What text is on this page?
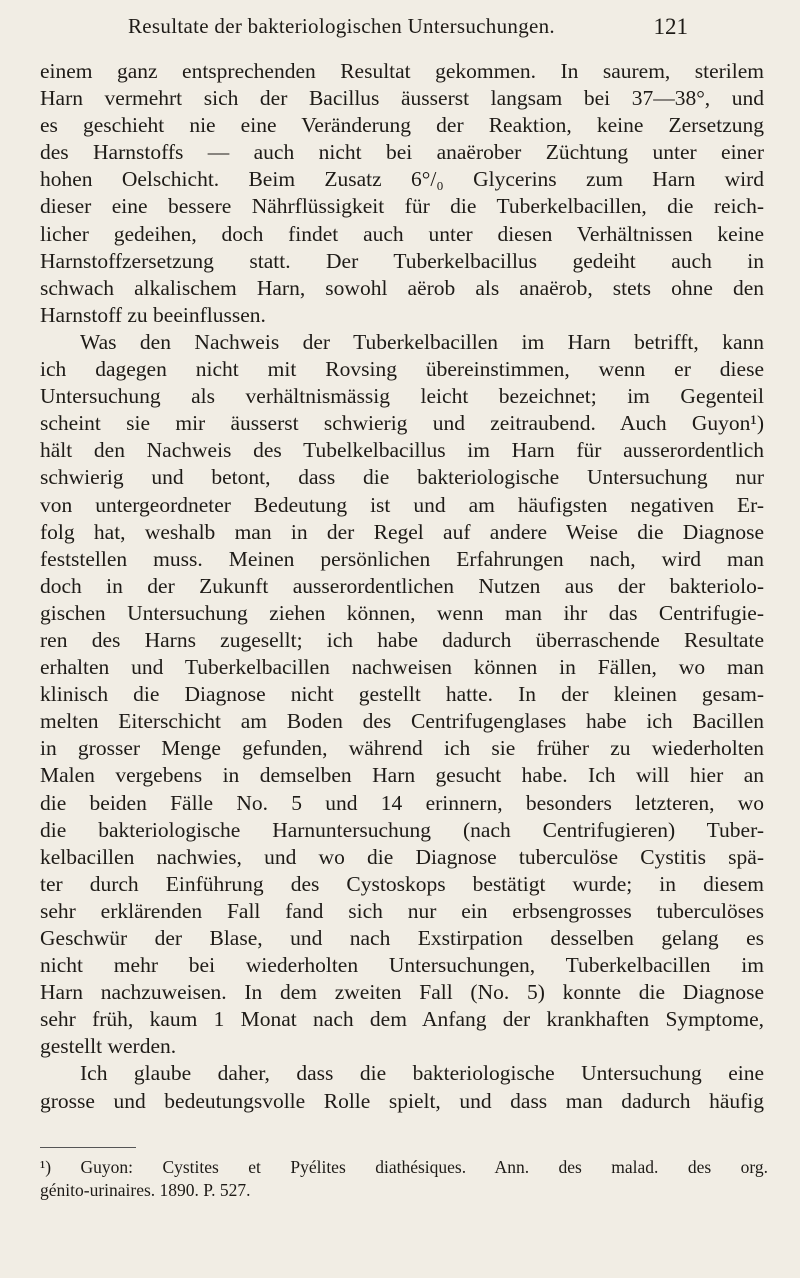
Resultate der bakteriologischen Untersuchungen.	121
einem ganz entsprechenden Resultat gekommen. In saurem, sterilem
Harn vermehrt sich der Bacillus äusserst langsam bei 37—38°, und
es geschieht nie eine Veränderung der Reaktion, keine Zersetzung
des Harnstoffs — auch nicht bei anaërober Züchtung unter einer
hohen Oelschicht. Beim Zusatz 6°/₀ Glycerins zum Harn wird
dieser eine bessere Nährflüssigkeit für die Tuberkelbacillen, die reich-
licher gedeihen, doch findet auch unter diesen Verhältnissen keine
Harnstoffzersetzung statt. Der Tuberkelbacillus gedeiht auch in
schwach alkalischem Harn, sowohl aërob als anaërob, stets ohne den
Harnstoff zu beeinflussen.
Was den Nachweis der Tuberkelbacillen im Harn betrifft, kann
ich dagegen nicht mit Rovsing übereinstimmen, wenn er diese
Untersuchung als verhältnismässig leicht bezeichnet; im Gegenteil
scheint sie mir äusserst schwierig und zeitraubend. Auch Guyon¹)
hält den Nachweis des Tubelkelbacillus im Harn für ausserordentlich
schwierig und betont, dass die bakteriologische Untersuchung nur
von untergeordneter Bedeutung ist und am häufigsten negativen Er-
folg hat, weshalb man in der Regel auf andere Weise die Diagnose
feststellen muss. Meinen persönlichen Erfahrungen nach, wird man
doch in der Zukunft ausserordentlichen Nutzen aus der bakteriolo-
gischen Untersuchung ziehen können, wenn man ihr das Centrifugie-
ren des Harns zugesellt; ich habe dadurch überraschende Resultate
erhalten und Tuberkelbacillen nachweisen können in Fällen, wo man
klinisch die Diagnose nicht gestellt hatte. In der kleinen gesam-
melten Eiterschicht am Boden des Centrifugenglases habe ich Bacillen
in grosser Menge gefunden, während ich sie früher zu wiederholten
Malen vergebens in demselben Harn gesucht habe. Ich will hier an
die beiden Fälle No. 5 und 14 erinnern, besonders letzteren, wo
die bakteriologische Harnuntersuchung (nach Centrifugieren) Tuber-
kelbacillen nachwies, und wo die Diagnose tuberculöse Cystitis spä-
ter durch Einführung des Cystoskops bestätigt wurde; in diesem
sehr erklärenden Fall fand sich nur ein erbsengrosses tuberculöses
Geschwür der Blase, und nach Exstirpation desselben gelang es
nicht mehr bei wiederholten Untersuchungen, Tuberkelbacillen im
Harn nachzuweisen. In dem zweiten Fall (No. 5) konnte die Diagnose
sehr früh, kaum 1 Monat nach dem Anfang der krankhaften Symptome,
gestellt werden.
Ich glaube daher, dass die bakteriologische Untersuchung eine
grosse und bedeutungsvolle Rolle spielt, und dass man dadurch häufig
¹) Guyon: Cystites et Pyélites diathésiques. Ann. des malad. des org.
génito-urinaires. 1890. P. 527.
